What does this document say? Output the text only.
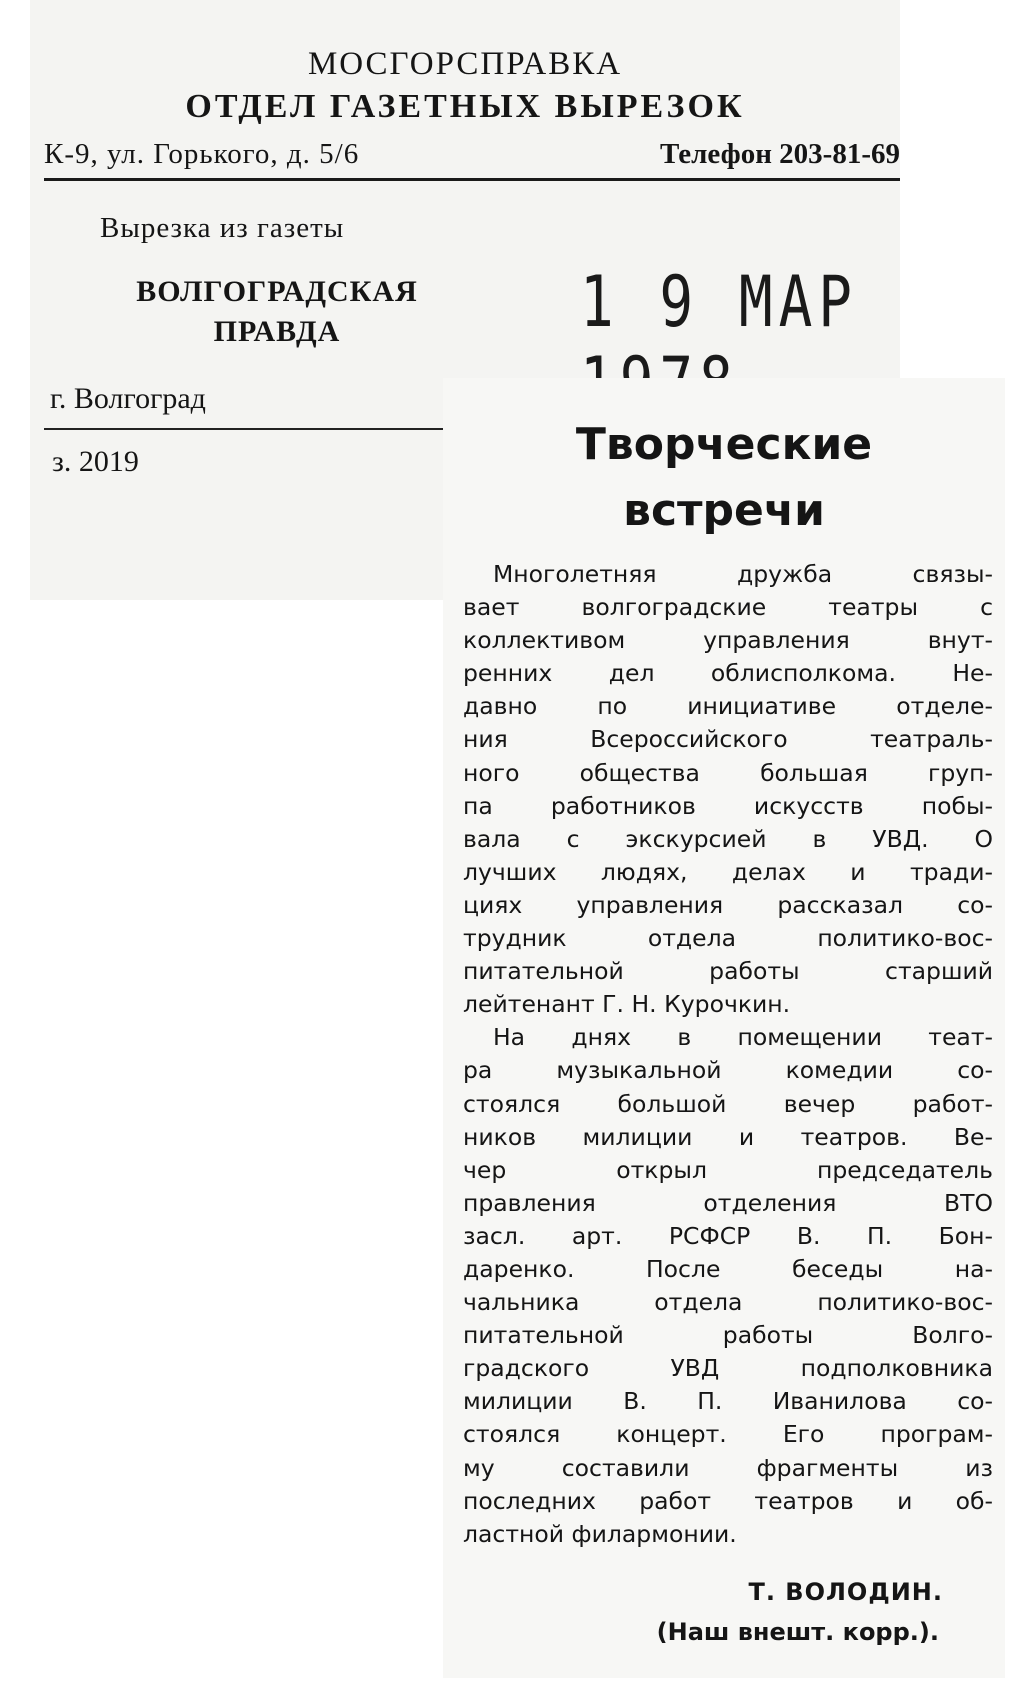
МОСГОРСПРАВКА
ОТДЕЛ ГАЗЕТНЫХ ВЫРЕЗОК
К-9, ул. Горького, д. 5/6	Телефон 203-81-69
Вырезка из газеты
ВОЛГОГРАДСКАЯ
ПРАВДА
г. Волгоград
з. 2019
1 9 МАР
Творческие
встречи
Многолетняя дружба связы-
вает волгоградские театры с
коллективом управления внут-
ренних дел облисполкома. Не-
давно по инициативе отделе-
ния Всероссийского театраль-
ного общества большая груп-
па работников искусств побы-
вала с экскурсией в УВД. О
лучших людях, делах и тради-
циях управления рассказал со-
трудник отдела политико-вос-
питательной работы старший
лейтенант Г. Н. Курочкин.
На днях в помещении теат-
ра музыкальной комедии со-
стоялся большой вечер работ-
ников милиции и театров. Ве-
чер открыл председатель
правления отделения ВТО
засл. арт. РСФСР В. П. Бон-
даренко. После беседы на-
чальника отдела политико-вос-
питательной работы Волго-
градского УВД подполковника
милиции В. П. Иванилова со-
стоялся концерт. Его програм-
му составили фрагменты из
последних работ театров и об-
ластной филармонии.
Т. ВОЛОДИН.
(Наш внешт. корр.).
